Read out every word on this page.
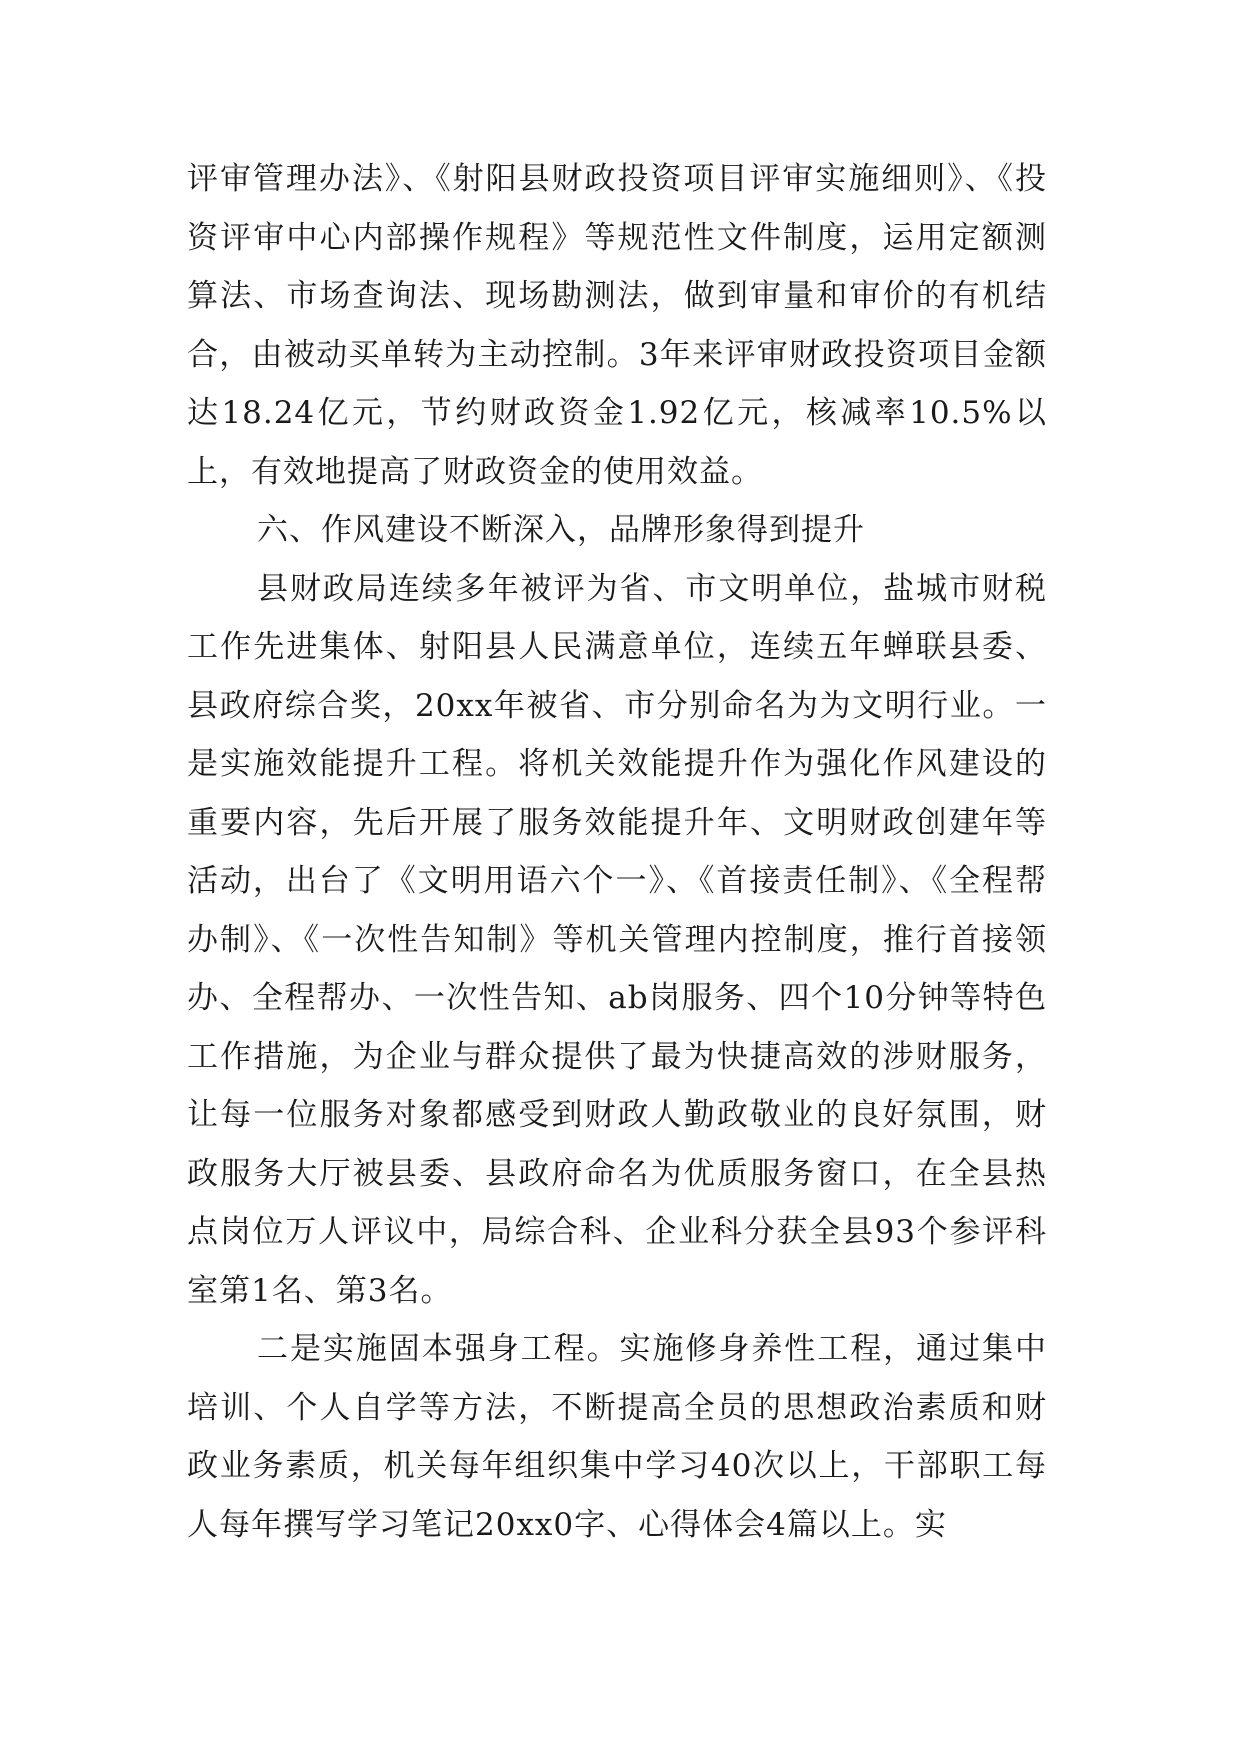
评审管理办法》、《射阳县财政投资项目评审实施细则》、《投资评审中心内部操作规程》等规范性文件制度，运用定额测算法、市场查询法、现场勘测法，做到审量和审价的有机结合，由被动买单转为主动控制。3年来评审财政投资项目金额达18.24亿元，节约财政资金1.92亿元，核减率10.5%以上，有效地提高了财政资金的使用效益。

六、作风建设不断深入，品牌形象得到提升

县财政局连续多年被评为省、市文明单位，盐城市财税工作先进集体、射阳县人民满意单位，连续五年蝉联县委、县政府综合奖，20xx年被省、市分别命名为为文明行业。一是实施效能提升工程。将机关效能提升作为强化作风建设的重要内容，先后开展了服务效能提升年、文明财政创建年等活动，出台了《文明用语六个一》、《首接责任制》、《全程帮办制》、《一次性告知制》等机关管理内控制度，推行首接领办、全程帮办、一次性告知、ab岗服务、四个10分钟等特色工作措施，为企业与群众提供了最为快捷高效的涉财服务，让每一位服务对象都感受到财政人勤政敬业的良好氛围，财政服务大厅被县委、县政府命名为优质服务窗口，在全县热点岗位万人评议中，局综合科、企业科分获全县93个参评科室第1名、第3名。

二是实施固本强身工程。实施修身养性工程，通过集中培训、个人自学等方法，不断提高全员的思想政治素质和财政业务素质，机关每年组织集中学习40次以上，干部职工每人每年撰写学习笔记20xx0字、心得体会4篇以上。实
